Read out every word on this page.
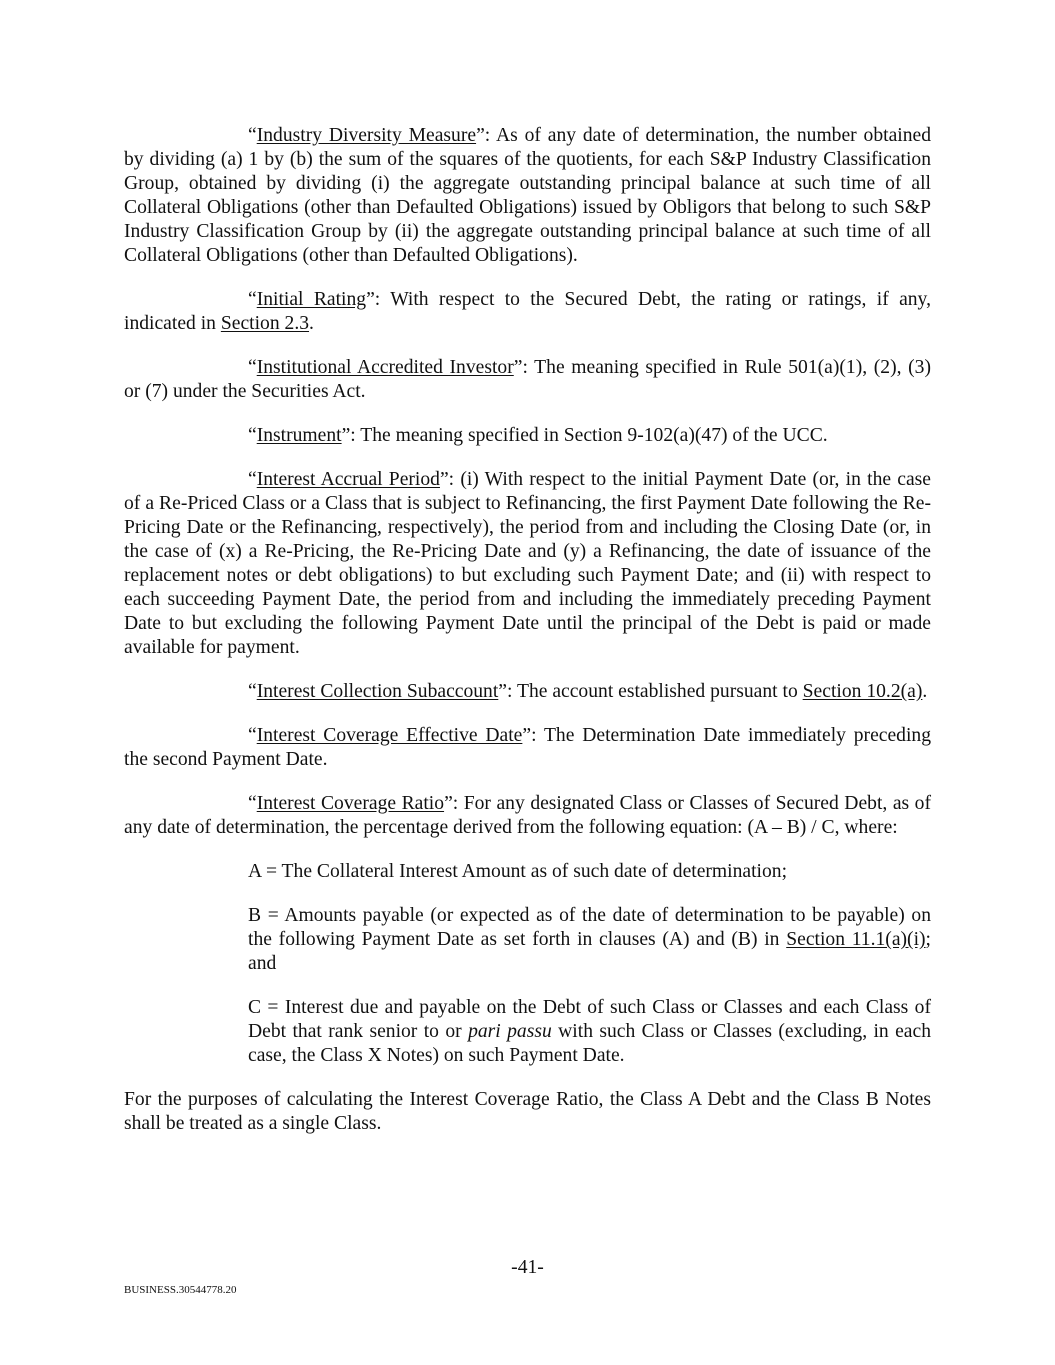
“Industry Diversity Measure”: As of any date of determination, the number obtained by dividing (a) 1 by (b) the sum of the squares of the quotients, for each S&P Industry Classification Group, obtained by dividing (i) the aggregate outstanding principal balance at such time of all Collateral Obligations (other than Defaulted Obligations) issued by Obligors that belong to such S&P Industry Classification Group by (ii) the aggregate outstanding principal balance at such time of all Collateral Obligations (other than Defaulted Obligations).

“Initial Rating”: With respect to the Secured Debt, the rating or ratings, if any, indicated in Section 2.3.

“Institutional Accredited Investor”: The meaning specified in Rule 501(a)(1), (2), (3) or (7) under the Securities Act.

“Instrument”: The meaning specified in Section 9-102(a)(47) of the UCC.

“Interest Accrual Period”: (i) With respect to the initial Payment Date (or, in the case of a Re-Priced Class or a Class that is subject to Refinancing, the first Payment Date following the Re-Pricing Date or the Refinancing, respectively), the period from and including the Closing Date (or, in the case of (x) a Re-Pricing, the Re-Pricing Date and (y) a Refinancing, the date of issuance of the replacement notes or debt obligations) to but excluding such Payment Date; and (ii) with respect to each succeeding Payment Date, the period from and including the immediately preceding Payment Date to but excluding the following Payment Date until the principal of the Debt is paid or made available for payment.

“Interest Collection Subaccount”: The account established pursuant to Section 10.2(a).

“Interest Coverage Effective Date”: The Determination Date immediately preceding the second Payment Date.

“Interest Coverage Ratio”: For any designated Class or Classes of Secured Debt, as of any date of determination, the percentage derived from the following equation: (A – B) / C, where:

A = The Collateral Interest Amount as of such date of determination;

B = Amounts payable (or expected as of the date of determination to be payable) on the following Payment Date as set forth in clauses (A) and (B) in Section 11.1(a)(i); and

C = Interest due and payable on the Debt of such Class or Classes and each Class of Debt that rank senior to or pari passu with such Class or Classes (excluding, in each case, the Class X Notes) on such Payment Date.

For the purposes of calculating the Interest Coverage Ratio, the Class A Debt and the Class B Notes shall be treated as a single Class.

-41-
BUSINESS.30544778.20
